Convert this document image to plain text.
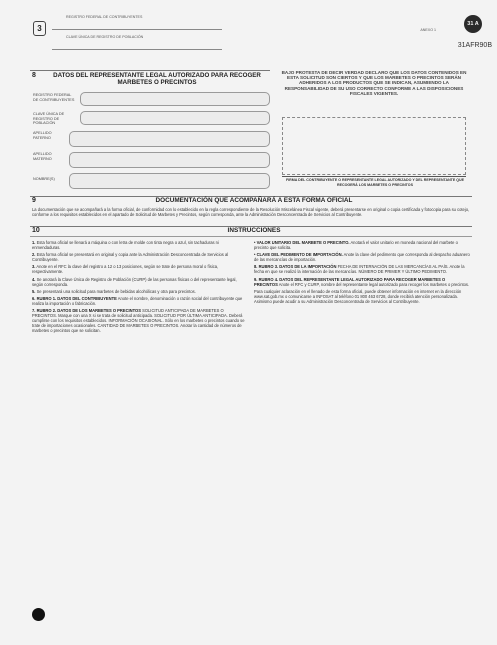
3
REGISTRO FEDERAL DE CONTRIBUYENTES
CLAVE ÚNICA DE REGISTRO DE POBLACIÓN
ANEXO 1
31 A
31AFR90B
8	DATOS DEL REPRESENTANTE LEGAL AUTORIZADO PARA RECOGER MARBETES O PRECINTOS
REGISTRO FEDERAL DE CONTRIBUYENTES
CLAVE ÚNICA DE REGISTRO DE POBLACIÓN
APELLIDO PATERNO
APELLIDO MATERNO
NOMBRE(S)
BAJO PROTESTA DE DECIR VERDAD DECLARO QUE LOS DATOS CONTENIDOS EN ESTA SOLICITUD SON CIERTOS Y QUE LOS MARBETES O PRECINTOS SERÁN ADHERIDOS A LOS PRODUCTOS QUE SE INDICAN, ASUMIENDO LA RESPONSABILIDAD DE SU USO CORRECTO CONFORME A LAS DISPOSICIONES FISCALES VIGENTES.
FIRMA DEL CONTRIBUYENTE O REPRESENTANTE LEGAL AUTORIZADO Y DEL REPRESENTANTE QUE RECOGERÁ LOS MARBETES O PRECINTOS
9	DOCUMENTACIÓN QUE ACOMPAÑARÁ A ESTA FORMA OFICIAL
La documentación que se acompañará a la forma oficial, de conformidad con lo establecido en la regla correspondiente de la Resolución Miscelánea Fiscal vigente, deberá presentarse en original o copia certificada y fotocopia para su cotejo, conforme a los requisitos establecidos en el apartado de Solicitud de Marbetes y Precintos, según corresponda, ante la Administración Desconcentrada de Servicios al Contribuyente.
10	INSTRUCCIONES

1. Esta forma oficial se llenará a máquina o con letra de molde con tinta negra o azul, sin tachaduras ni enmendaduras.

2. Esta forma oficial se presentará en original y copia ante la Administración Desconcentrada de Servicios al Contribuyente.

3. Anote en el RFC la clave del registro a 12 o 13 posiciones, según se trate de persona moral o física, respectivamente.

4. Se anotará la Clave Única de Registro de Población (CURP) de las personas físicas o del representante legal, según corresponda.

5. Se presentará una solicitud para marbetes de bebidas alcohólicas y otra para precintos.

6. RUBRO 1. DATOS DEL CONTRIBUYENTE Anote el nombre, denominación o razón social del contribuyente que realiza la importación o fabricación.

7. RUBRO 2. DATOS DE LOS MARBETES O PRECINTOS SOLICITUD ANTICIPADA DE MARBETES O PRECINTOS. Marque con una X si se trata de solicitud anticipada. SOLICITUD POR ÚLTIMA ANTICIPADA. Deberá cumplirse con los requisitos establecidos. INFORMACIÓN OCASIONAL. Sólo en los marbetes o precintos cuando se trate de importaciones ocasionales. CANTIDAD DE MARBETES O PRECINTOS. Anotar la cantidad de números de marbetes o precintos que se solicitan.

• VALOR UNITARIO DEL MARBETE O PRECINTO. Anotará el valor unitario en moneda nacional del marbete o precinto que solicita.

• CLAVE DEL PEDIMENTO DE IMPORTACIÓN. Anote la clave del pedimento que corresponda al despacho aduanero de las mercancías de importación.

8. RUBRO 3. DATOS DE LA IMPORTACIÓN FECHA DE INTERNACIÓN DE LAS MERCANCÍAS AL PAÍS. Anote la fecha en que se realizó la internación de las mercancías. NÚMERO DE PRIMER Y ÚLTIMO PEDIMENTO.

9. RUBRO 4. DATOS DEL REPRESENTANTE LEGAL AUTORIZADO PARA RECOGER MARBETES O PRECINTOS Anote el RFC y CURP, nombre del representante legal autorizado para recoger los marbetes o precintos.

Para cualquier aclaración en el llenado de esta forma oficial, puede obtener información en internet en la dirección www.sat.gob.mx o comunicarse a INFOSAT al teléfono 01 800 463 6728, donde recibirá atención personalizada. Asimismo puede acudir a su Administración Desconcentrada de Servicios al Contribuyente.
